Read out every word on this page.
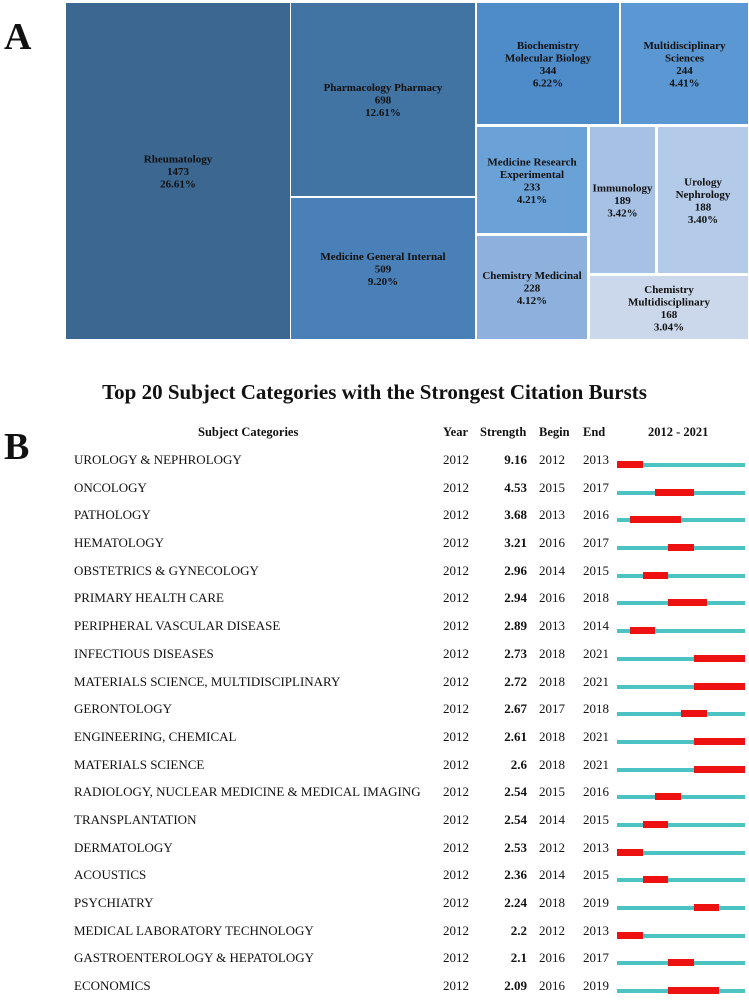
A
Rheumatology
1473
26.61%
Pharmacology Pharmacy
698
12.61%
Medicine General Internal
509
9.20%
Biochemistry
Molecular Biology
344
6.22%
Multidisciplinary
Sciences
244
4.41%
Medicine Research
Experimental
233
4.21%
Chemistry Medicinal
228
4.12%
Immunology
189
3.42%
Urology
Nephrology
188
3.40%
Chemistry
Multidisciplinary
168
3.04%
B
Top 20 Subject Categories with the Strongest Citation Bursts
Subject Categories	Year Strength Begin End	2012 - 2021
UROLOGY & NEPHROLOGY	2012	9.16 2012 2013
ONCOLOGY	2012	4.53 2015 2017
PATHOLOGY	2012	3.68 2013 2016
HEMATOLOGY	2012	3.21 2016 2017
OBSTETRICS & GYNECOLOGY	2012	2.96 2014 2015
PRIMARY HEALTH CARE	2012	2.94 2016 2018
PERIPHERAL VASCULAR DISEASE	2012	2.89 2013 2014
INFECTIOUS DISEASES	2012	2.73 2018 2021
MATERIALS SCIENCE, MULTIDISCIPLINARY	2012	2.72 2018 2021
GERONTOLOGY	2012	2.67 2017 2018
ENGINEERING, CHEMICAL	2012	2.61 2018 2021
MATERIALS SCIENCE	2012	2.6 2018 2021
RADIOLOGY, NUCLEAR MEDICINE & MEDICAL IMAGING 2012	2.54 2015 2016
TRANSPLANTATION	2012	2.54 2014 2015
DERMATOLOGY	2012	2.53 2012 2013
ACOUSTICS	2012	2.36 2014 2015
PSYCHIATRY	2012	2.24 2018 2019
MEDICAL LABORATORY TECHNOLOGY	2012	2.2 2012 2013
GASTROENTEROLOGY & HEPATOLOGY	2012	2.1 2016 2017
ECONOMICS	2012	2.09 2016 2019
